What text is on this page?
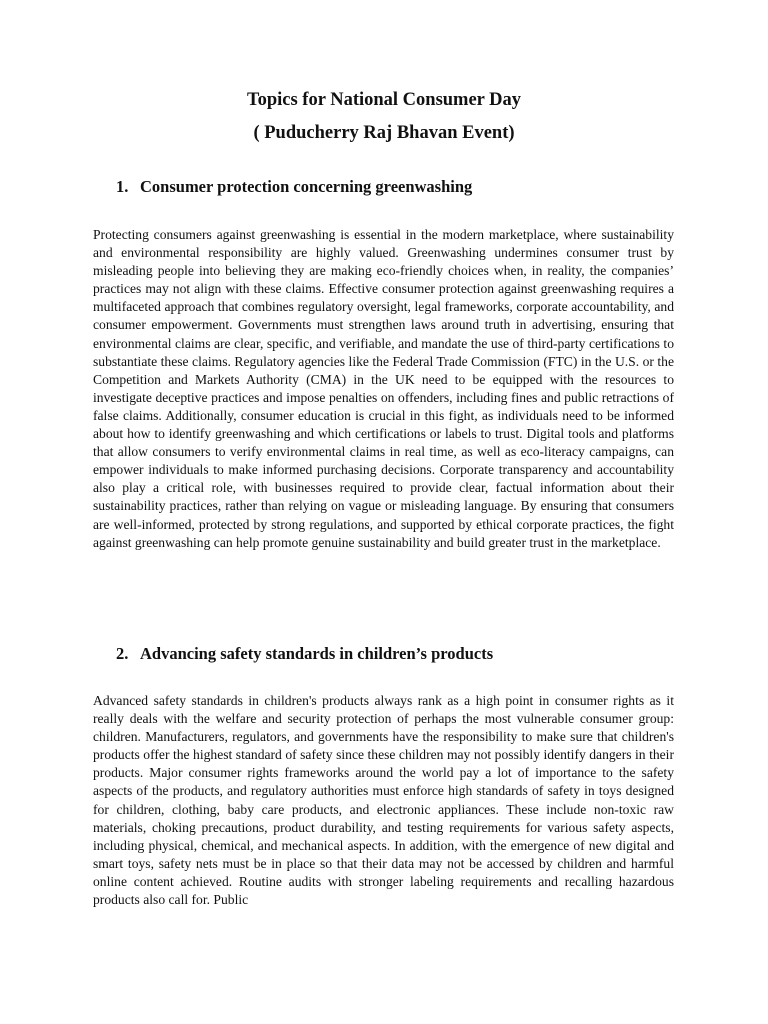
Topics for National Consumer Day
( Puducherry Raj Bhavan Event)
1. Consumer protection concerning greenwashing

Protecting consumers against greenwashing is essential in the modern marketplace, where sustainability and environmental responsibility are highly valued. Greenwashing undermines consumer trust by misleading people into believing they are making eco-friendly choices when, in reality, the companies’ practices may not align with these claims. Effective consumer protection against greenwashing requires a multifaceted approach that combines regulatory oversight, legal frameworks, corporate accountability, and consumer empowerment. Governments must strengthen laws around truth in advertising, ensuring that environmental claims are clear, specific, and verifiable, and mandate the use of third-party certifications to substantiate these claims. Regulatory agencies like the Federal Trade Commission (FTC) in the U.S. or the Competition and Markets Authority (CMA) in the UK need to be equipped with the resources to investigate deceptive practices and impose penalties on offenders, including fines and public retractions of false claims. Additionally, consumer education is crucial in this fight, as individuals need to be informed about how to identify greenwashing and which certifications or labels to trust. Digital tools and platforms that allow consumers to verify environmental claims in real time, as well as eco-literacy campaigns, can empower individuals to make informed purchasing decisions. Corporate transparency and accountability also play a critical role, with businesses required to provide clear, factual information about their sustainability practices, rather than relying on vague or misleading language. By ensuring that consumers are well-informed, protected by strong regulations, and supported by ethical corporate practices, the fight against greenwashing can help promote genuine sustainability and build greater trust in the marketplace.

2. Advancing safety standards in children’s products

Advanced safety standards in children's products always rank as a high point in consumer rights as it really deals with the welfare and security protection of perhaps the most vulnerable consumer group: children. Manufacturers, regulators, and governments have the responsibility to make sure that children's products offer the highest standard of safety since these children may not possibly identify dangers in their products. Major consumer rights frameworks around the world pay a lot of importance to the safety aspects of the products, and regulatory authorities must enforce high standards of safety in toys designed for children, clothing, baby care products, and electronic appliances. These include non-toxic raw materials, choking precautions, product durability, and testing requirements for various safety aspects, including physical, chemical, and mechanical aspects. In addition, with the emergence of new digital and smart toys, safety nets must be in place so that their data may not be accessed by children and harmful online content achieved. Routine audits with stronger labeling requirements and recalling hazardous products also call for. Public
